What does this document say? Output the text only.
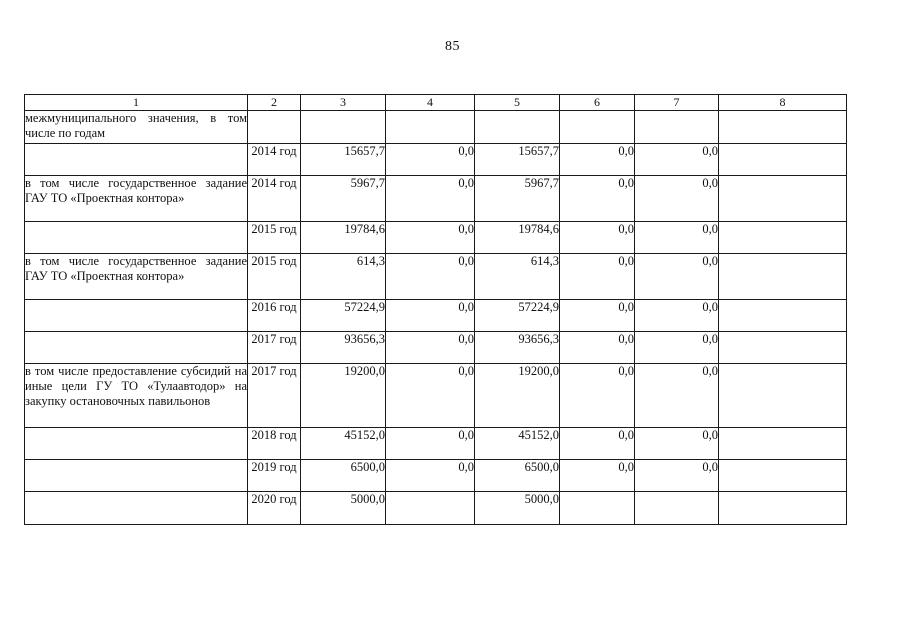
85
1	2	3	4	5	6	7	8
межмуниципального значения, в том числе по годам							
	2014 год	15657,7	0,0	15657,7	0,0	0,0	
в том числе государственное задание ГАУ ТО «Проектная контора»	2014 год	5967,7	0,0	5967,7	0,0	0,0	
	2015 год	19784,6	0,0	19784,6	0,0	0,0	
в том числе государственное задание ГАУ ТО «Проектная контора»	2015 год	614,3	0,0	614,3	0,0	0,0	
	2016 год	57224,9	0,0	57224,9	0,0	0,0	
	2017 год	93656,3	0,0	93656,3	0,0	0,0	
в том числе предоставление субсидий на иные цели ГУ ТО «Тулаавтодор» на закупку остановочных павильонов	2017 год	19200,0	0,0	19200,0	0,0	0,0	
	2018 год	45152,0	0,0	45152,0	0,0	0,0	
	2019 год	6500,0	0,0	6500,0	0,0	0,0	
	2020 год	5000,0		5000,0			
